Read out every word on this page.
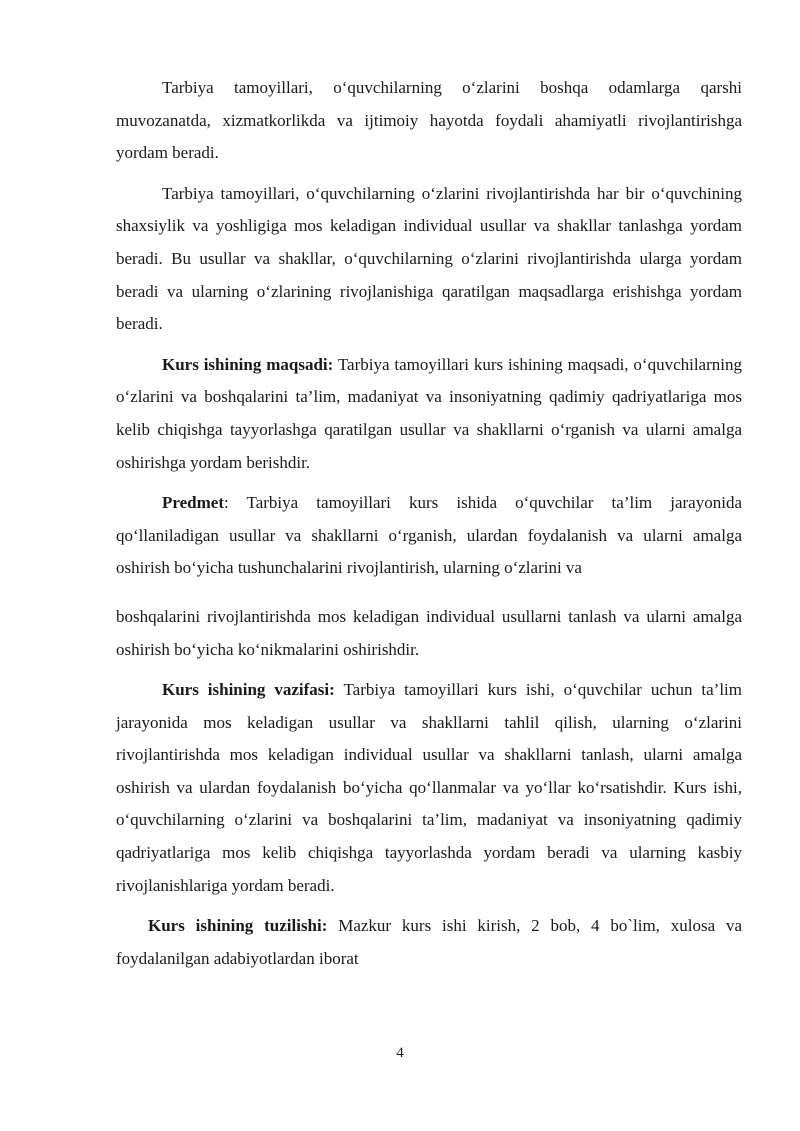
Tarbiya tamoyillari, o‘quvchilarning o‘zlarini boshqa odamlarga qarshi muvozanatda, xizmatkorlikda va ijtimoiy hayotda foydali ahamiyatli rivojlantirishga yordam beradi.

Tarbiya tamoyillari, o‘quvchilarning o‘zlarini rivojlantirishda har bir o‘quvchining shaxsiylik va yoshligiga mos keladigan individual usullar va shakllar tanlashga yordam beradi. Bu usullar va shakllar, o‘quvchilarning o‘zlarini rivojlantirishda ularga yordam beradi va ularning o‘zlarining rivojlanishiga qaratilgan maqsadlarga erishishga yordam beradi.

Kurs ishining maqsadi: Tarbiya tamoyillari kurs ishining maqsadi, o‘quvchilarning o‘zlarini va boshqalarini ta’lim, madaniyat va insoniyatning qadimiy qadriyatlariga mos kelib chiqishga tayyorlashga qaratilgan usullar va shakllarni o‘rganish va ularni amalga oshirishga yordam berishdir.

Predmet: Tarbiya tamoyillari kurs ishida o‘quvchilar ta’lim jarayonida qo‘llaniladigan usullar va shakllarni o‘rganish, ulardan foydalanish va ularni amalga oshirish bo‘yicha tushunchalarini rivojlantirish, ularning o‘zlarini va

boshqalarini rivojlantirishda mos keladigan individual usullarni tanlash va ularni amalga oshirish bo‘yicha ko‘nikmalarini oshirishdir.

Kurs ishining vazifasi: Tarbiya tamoyillari kurs ishi, o‘quvchilar uchun ta’lim jarayonida mos keladigan usullar va shakllarni tahlil qilish, ularning o‘zlarini rivojlantirishda mos keladigan individual usullar va shakllarni tanlash, ularni amalga oshirish va ulardan foydalanish bo‘yicha qo‘llanmalar va yo‘llar ko‘rsatishdir. Kurs ishi, o‘quvchilarning o‘zlarini va boshqalarini ta’lim, madaniyat va insoniyatning qadimiy qadriyatlariga mos kelib chiqishga tayyorlashda yordam beradi va ularning kasbiy rivojlanishlariga yordam beradi.

Kurs ishining tuzilishi: Mazkur kurs ishi kirish, 2 bob, 4 bo`lim, xulosa va foydalanilgan adabiyotlardan iborat

4
